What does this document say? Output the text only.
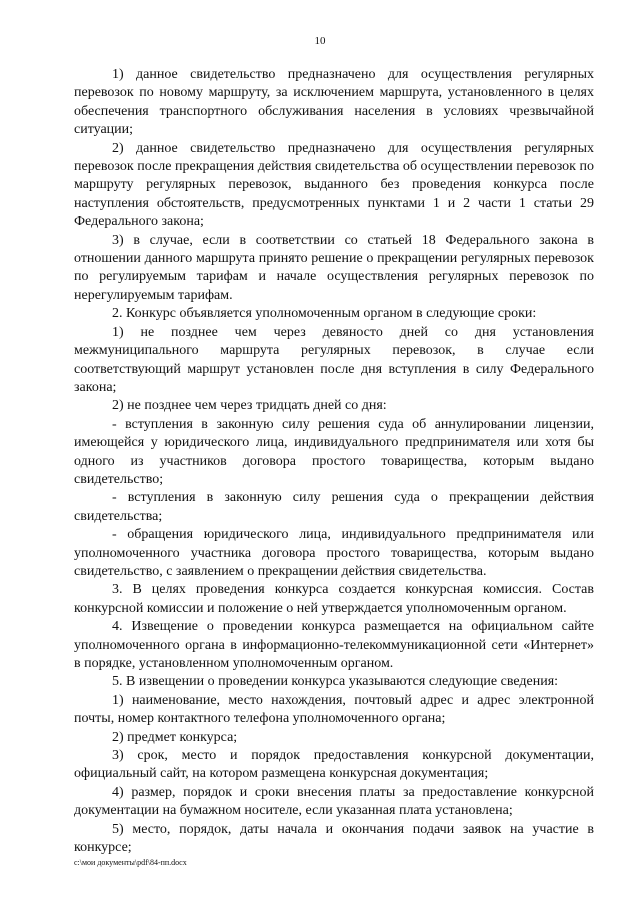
10

1) данное свидетельство предназначено для осуществления регулярных перевозок по новому маршруту, за исключением маршрута, установленного в целях обеспечения транспортного обслуживания населения в условиях чрезвычайной ситуации;

2) данное свидетельство предназначено для осуществления регулярных перевозок после прекращения действия свидетельства об осуществлении перевозок по маршруту регулярных перевозок, выданного без проведения конкурса после наступления обстоятельств, предусмотренных пунктами 1 и 2 части 1 статьи 29 Федерального закона;

3) в случае, если в соответствии со статьей 18 Федерального закона в отношении данного маршрута принято решение о прекращении регулярных перевозок по регулируемым тарифам и начале осуществления регулярных перевозок по нерегулируемым тарифам.

2. Конкурс объявляется уполномоченным органом в следующие сроки:

1) не позднее чем через девяносто дней со дня установления межмуниципального маршрута регулярных перевозок, в случае если соответствующий маршрут установлен после дня вступления в силу Федерального закона;

2) не позднее чем через тридцать дней со дня:

- вступления в законную силу решения суда об аннулировании лицензии, имеющейся у юридического лица, индивидуального предпринимателя или хотя бы одного из участников договора простого товарищества, которым выдано свидетельство;

- вступления в законную силу решения суда о прекращении действия свидетельства;

- обращения юридического лица, индивидуального предпринимателя или уполномоченного участника договора простого товарищества, которым выдано свидетельство, с заявлением о прекращении действия свидетельства.

3. В целях проведения конкурса создается конкурсная комиссия. Состав конкурсной комиссии и положение о ней утверждается уполномоченным органом.

4. Извещение о проведении конкурса размещается на официальном сайте уполномоченного органа в информационно-телекоммуникационной сети «Интернет» в порядке, установленном уполномоченным органом.

5. В извещении о проведении конкурса указываются следующие сведения:

1) наименование, место нахождения, почтовый адрес и адрес электронной почты, номер контактного телефона уполномоченного органа;

2) предмет конкурса;

3) срок, место и порядок предоставления конкурсной документации, официальный сайт, на котором размещена конкурсная документация;

4) размер, порядок и сроки внесения платы за предоставление конкурсной документации на бумажном носителе, если указанная плата установлена;

5) место, порядок, даты начала и окончания подачи заявок на участие в конкурсе;

c:\мои документы\pdf\84-пп.docx
